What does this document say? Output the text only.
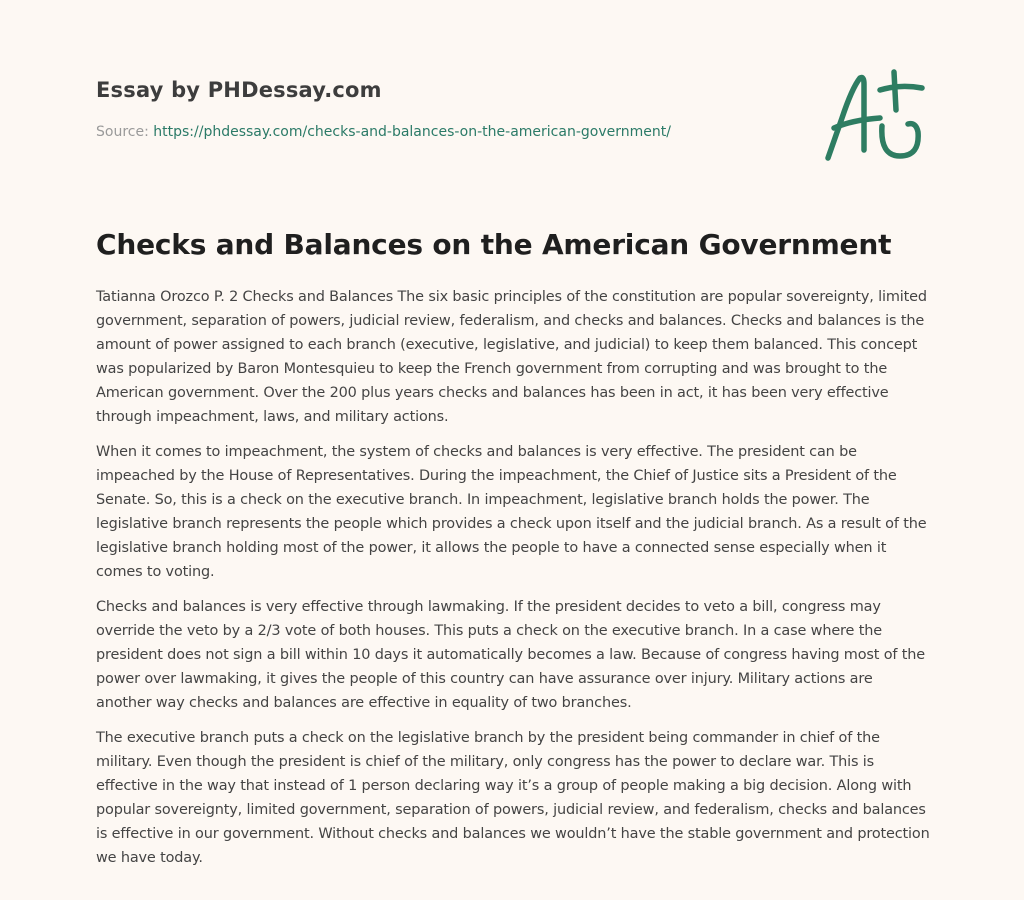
Essay by PHDessay.com
Source: https://phdessay.com/checks-and-balances-on-the-american-government/
Checks and Balances on the American Government

Tatianna Orozco P. 2 Checks and Balances The six basic principles of the constitution are popular sovereignty, limited government, separation of powers, judicial review, federalism, and checks and balances. Checks and balances is the amount of power assigned to each branch (executive, legislative, and judicial) to keep them balanced. This concept was popularized by Baron Montesquieu to keep the French government from corrupting and was brought to the American government. Over the 200 plus years checks and balances has been in act, it has been very effective through impeachment, laws, and military actions.

When it comes to impeachment, the system of checks and balances is very effective. The president can be impeached by the House of Representatives. During the impeachment, the Chief of Justice sits a President of the Senate. So, this is a check on the executive branch. In impeachment, legislative branch holds the power. The legislative branch represents the people which provides a check upon itself and the judicial branch. As a result of the legislative branch holding most of the power, it allows the people to have a connected sense especially when it comes to voting.

Checks and balances is very effective through lawmaking. If the president decides to veto a bill, congress may override the veto by a 2/3 vote of both houses. This puts a check on the executive branch. In a case where the president does not sign a bill within 10 days it automatically becomes a law. Because of congress having most of the power over lawmaking, it gives the people of this country can have assurance over injury. Military actions are another way checks and balances are effective in equality of two branches.

The executive branch puts a check on the legislative branch by the president being commander in chief of the military. Even though the president is chief of the military, only congress has the power to declare war. This is effective in the way that instead of 1 person declaring way it’s a group of people making a big decision. Along with popular sovereignty, limited government, separation of powers, judicial review, and federalism, checks and balances is effective in our government. Without checks and balances we wouldn’t have the stable government and protection we have today.
